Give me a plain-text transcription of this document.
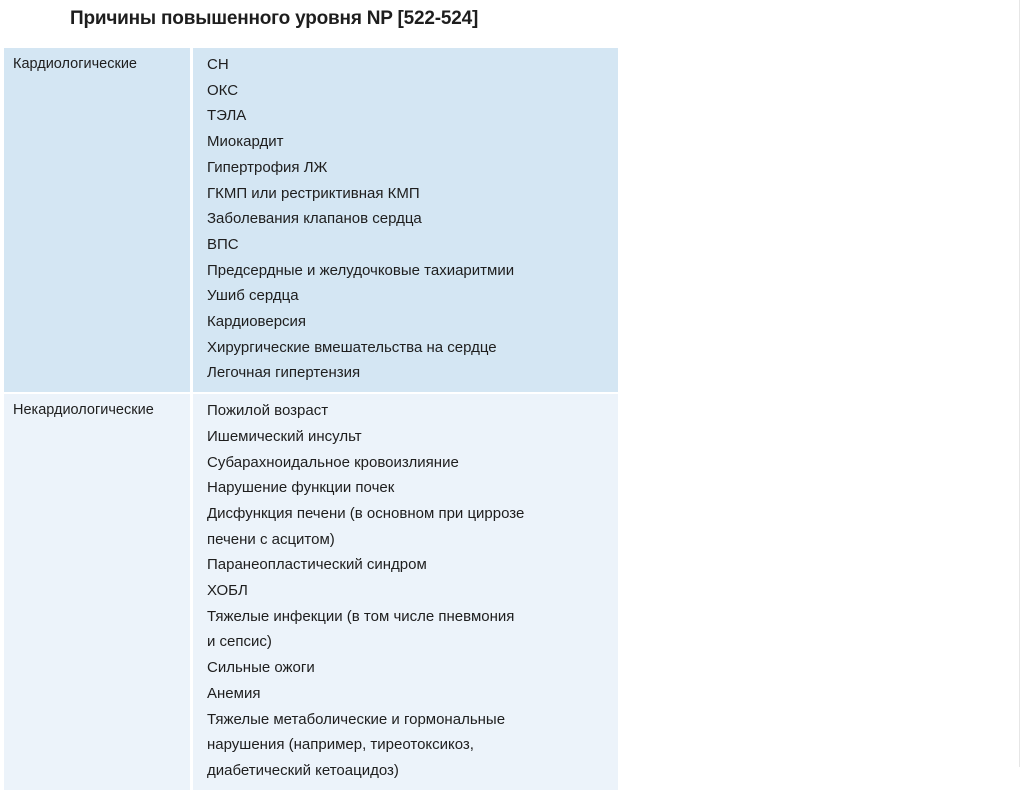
Причины повышенного уровня NP [522-524]
Кардиологические	СН
ОКС
ТЭЛА
Миокардит
Гипертрофия ЛЖ
ГКМП или рестриктивная КМП
Заболевания клапанов сердца
ВПС
Предсердные и желудочковые тахиаритмии
Ушиб сердца
Кардиоверсия
Хирургические вмешательства на сердце
Легочная гипертензия
Некардиологические	Пожилой возраст
Ишемический инсульт
Субарахноидальное кровоизлияние
Нарушение функции почек
Дисфункция печени (в основном при циррозе
печени с асцитом)
Паранеопластический синдром
ХОБЛ
Тяжелые инфекции (в том числе пневмония
и сепсис)
Сильные ожоги
Анемия
Тяжелые метаболические и гормональные
нарушения (например, тиреотоксикоз,
диабетический кетоацидоз)
